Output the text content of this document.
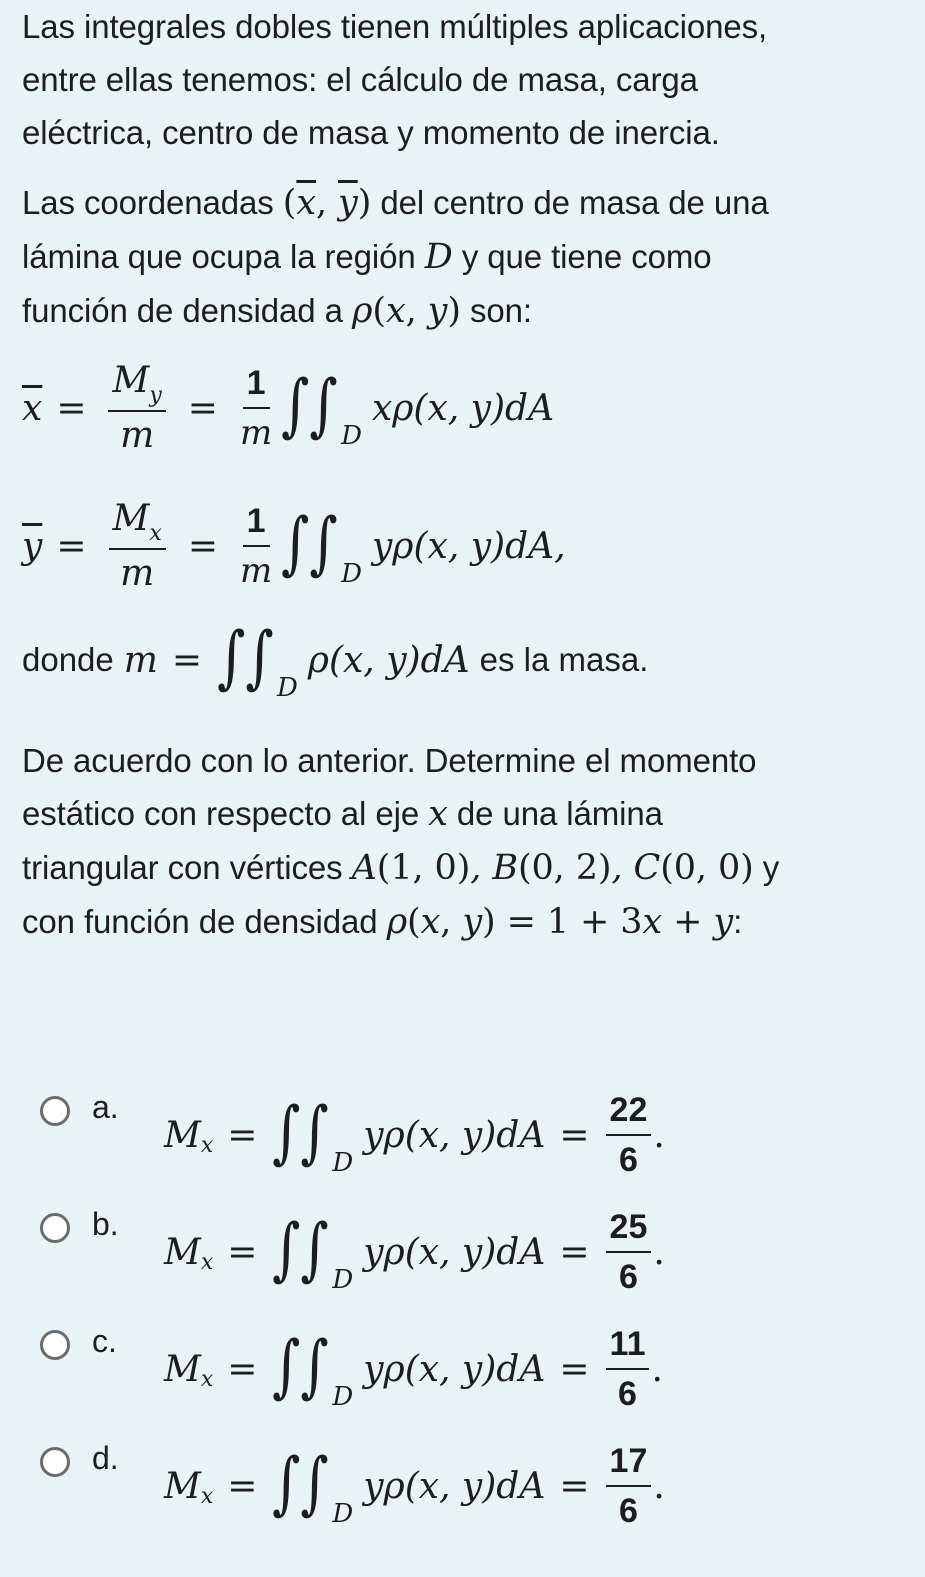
Las integrales dobles tienen múltiples aplicaciones,
entre ellas tenemos: el cálculo de masa, carga
eléctrica, centro de masa y momento de inercia.
Las coordenadas ($\overline{x}$, $\overline{y}$) del centro de masa de una
lámina que ocupa la región D y que tiene como
función de densidad a ρ(x, y) son:
$\overline{x} = \frac{M_y}{m} = \frac{1}{m}$ ∫∫ D
xρ(x, y)dA
$\overline{y} = \frac{M_x}{m} = \frac{1}{m}$ ∫∫ D
yρ(x, y)dA,
donde m = ∫∫ D
ρ(x, y)dA es la masa.
De acuerdo con lo anterior. Determine el momento
estático con respecto al eje x de una lámina
triangular con vértices A(1, 0), B(0, 2), C(0, 0) y
con función de densidad ρ(x, y) = 1 + 3x + y:
a.
M x = ∫∫ D
yρ(x, $y)dA = \frac{22}{6}$ .
b.
M x = ∫∫ D
yρ(x, $y)dA = \frac{25}{6}$ .
c.
M x = ∫∫ D
yρ(x, $y)dA = \frac{11}{6}$ .
d.
M x = ∫∫ D
yρ(x, $y)dA = \frac{17}{6}$ .
